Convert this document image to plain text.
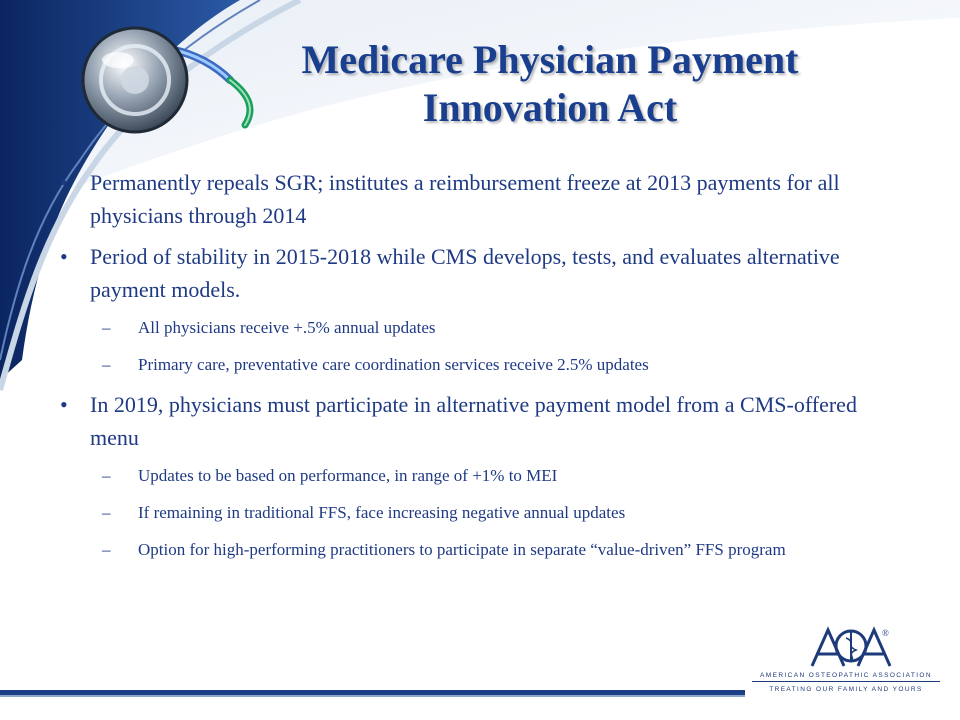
Medicare Physician Payment
Innovation Act
• Permanently repeals SGR; institutes a reimbursement freeze at 2013 payments for all physicians through 2014
• Period of stability in 2015-2018 while CMS develops, tests, and evaluates alternative payment models.
– All physicians receive +.5% annual updates
– Primary care, preventative care coordination services receive 2.5% updates
• In 2019, physicians must participate in alternative payment model from a CMS-offered menu
– Updates to be based on performance, in range of +1% to MEI
– If remaining in traditional FFS, face increasing negative annual updates
– Option for high-performing practitioners to participate in separate “value-driven” FFS program
®
AMERICAN OSTEOPATHIC ASSOCIATION
TREATING OUR FAMILY AND YOURS
